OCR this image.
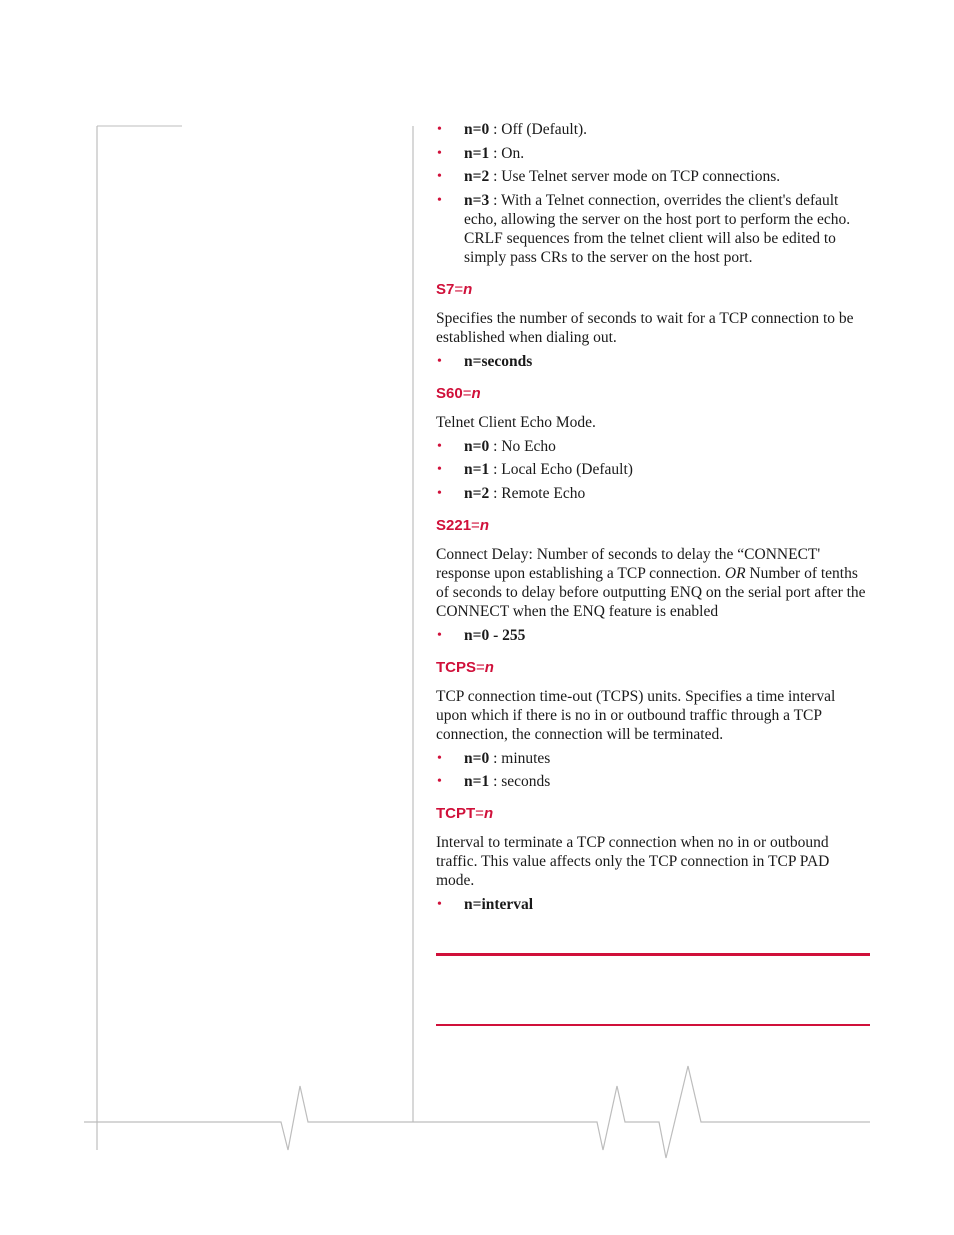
• n=0 : Off (Default).
• n=1 : On.
• n=2 : Use Telnet server mode on TCP connections.
• n=3 : With a Telnet connection, overrides the client's default echo, allowing the server on the host port to perform the echo. CRLF sequences from the telnet client will also be edited to simply pass CRs to the server on the host port.
S7=n

Specifies the number of seconds to wait for a TCP connection to be established when dialing out.

• n=seconds
S60=n

Telnet Client Echo Mode.

• n=0 : No Echo
• n=1 : Local Echo (Default)
• n=2 : Remote Echo
S221=n

Connect Delay: Number of seconds to delay the “CONNECT' response upon establishing a TCP connection. OR Number of tenths of seconds to delay before outputting ENQ on the serial port after the CONNECT when the ENQ feature is enabled

• n=0 - 255
TCPS=n

TCP connection time-out (TCPS) units. Specifies a time interval upon which if there is no in or outbound traffic through a TCP connection, the connection will be terminated.

• n=0 : minutes
• n=1 : seconds
TCPT=n

Interval to terminate a TCP connection when no in or outbound traffic. This value affects only the TCP connection in TCP PAD mode.

• n=interval
